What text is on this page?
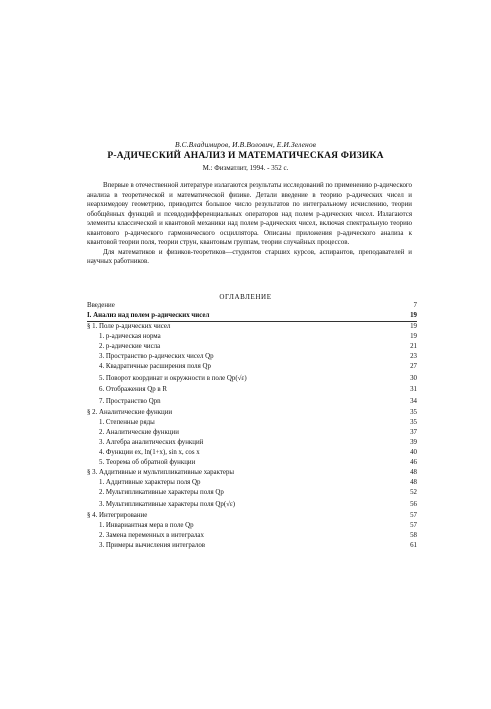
В.С.Владимиров, И.В.Волович, Е.И.Зеленов
P-АДИЧЕСКИЙ АНАЛИЗ И МАТЕМАТИЧЕСКАЯ ФИЗИКА
М.: Физматлит, 1994. - 352 с.

Впервые в отечественной литературе излагаются результаты исследований по применению p-адического анализа в теоретической и математической физике. Детали введение в теорию p-адических чисел и неархимедову геометрию, приводится большое число результатов по интегральному исчислению, теории обобщённых функций и псевдодифференциальных операторов над полем p-адических чисел. Излагаются элементы классической и квантовой механики над полем p-адических чисел, включая спектральную теорию квантового p-адического гармонического осциллятора. Описаны приложения p-адического анализа к квантовой теории поля, теории струн, квантовым группам, теории случайных процессов.

Для математиков и физиков-теоретиков—студентов старших курсов, аспирантов, преподавателей и научных работников.

ОГЛАВЛЕНИЕ
Введение	7
I. Анализ над полем p-адических чисел	19
§ 1. Поле p-адических чисел	19
1. p-адическая норма	19
2. p-адические числа	21
3. Пространство p-адических чисел Qp	23
4. Квадратичные расширения поля Qp	27
5. Поворот координат и окружности в поле Qp(√ε)	30
6. Отображения Qp в R	31
7. Пространство Qpn	34
§ 2. Аналитические функции	35
1. Степенные ряды	35
2. Аналитические функции	37
3. Алгебра аналитических функций	39
4. Функции ex, ln(1+x), sin x, cos x	40
5. Теорема об обратной функции	46
§ 3. Аддитивные и мультипликативные характеры	48
1. Аддитивные характеры поля Qp	48
2. Мультипликативные характеры поля Qp	52
3. Мультипликативные характеры поля Qp(√ε)	56
§ 4. Интегрирование	57
1. Инвариантная мера в поле Qp	57
2. Замена переменных в интегралах	58
3. Примеры вычисления интегралов	61
